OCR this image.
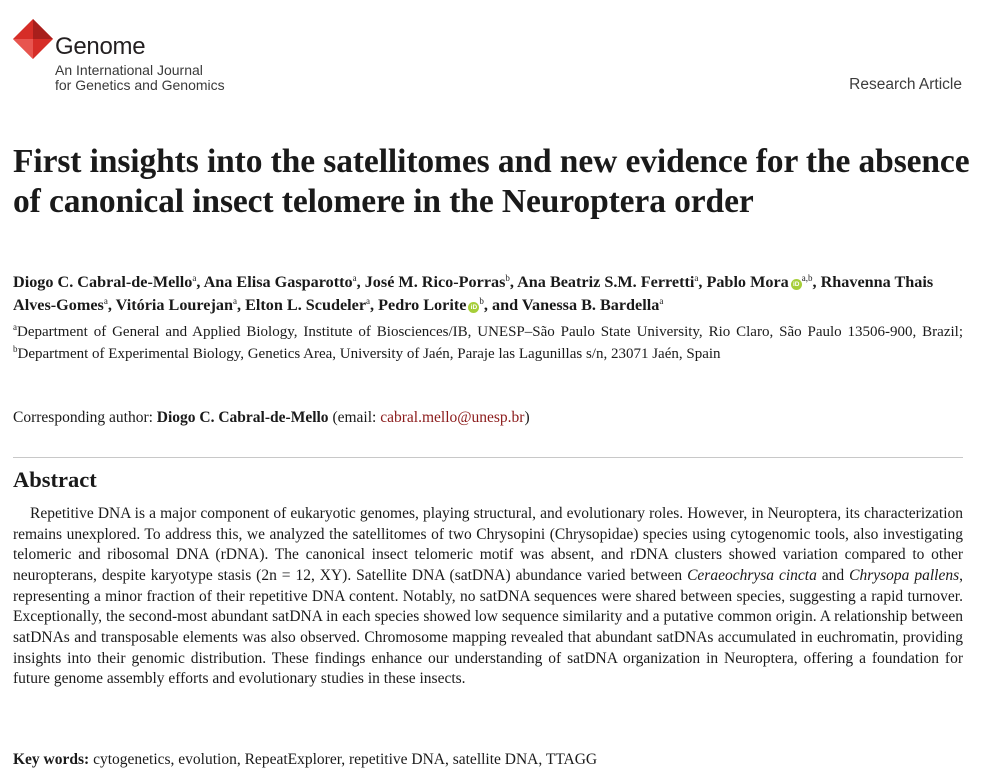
Genome
An International Journal
for Genetics and Genomics	Research Article
First insights into the satellitomes and new evidence for the absence of canonical insect telomere in the Neuroptera order
Diogo C. Cabral-de-Mello$^a$, Ana Elisa Gasparotto$^a$, José M. Rico-Porras$^b$, Ana Beatriz S.M. Ferretti$^a$, Pablo Mora iD$^{a,b}$, Rhavenna Thais Alves-Gomes$^a$, Vitória Lourejan$^a$, Elton L. Scudeler$^a$, Pedro Lorite $iD^b$, and Vanessa B. Bardella$^a$
$^a$Department of General and Applied Biology, Institute of Biosciences/IB, UNESP–São Paulo State University, Rio Claro, São Paulo 13506-900, Brazil; $^b$Department of Experimental Biology, Genetics Area, University of Jaén, Paraje las Lagunillas s/n, 23071 Jaén, Spain
Corresponding author: Diogo C. Cabral-de-Mello (email: cabral.mello@unesp.br)
Abstract

Repetitive DNA is a major component of eukaryotic genomes, playing structural, and evolutionary roles. However, in Neuroptera, its characterization remains unexplored. To address this, we analyzed the satellitomes of two Chrysopini (Chrysopidae) species using cytogenomic tools, also investigating telomeric and ribosomal DNA (rDNA). The canonical insect telomeric motif was absent, and rDNA clusters showed variation compared to other neuropterans, despite karyotype stasis (2n = 12, XY). Satellite DNA (satDNA) abundance varied between Ceraeochrysa cincta and Chrysopa pallens, representing a minor fraction of their repetitive DNA content. Notably, no satDNA sequences were shared between species, suggesting a rapid turnover. Exceptionally, the second-most abundant satDNA in each species showed low sequence similarity and a putative common origin. A relationship between satDNAs and transposable elements was also observed. Chromosome mapping revealed that abundant satDNAs accumulated in euchromatin, providing insights into their genomic distribution. These findings enhance our understanding of satDNA organization in Neuroptera, offering a foundation for future genome assembly efforts and evolutionary studies in these insects.

Key words: cytogenetics, evolution, RepeatExplorer, repetitive DNA, satellite DNA, TTAGG
